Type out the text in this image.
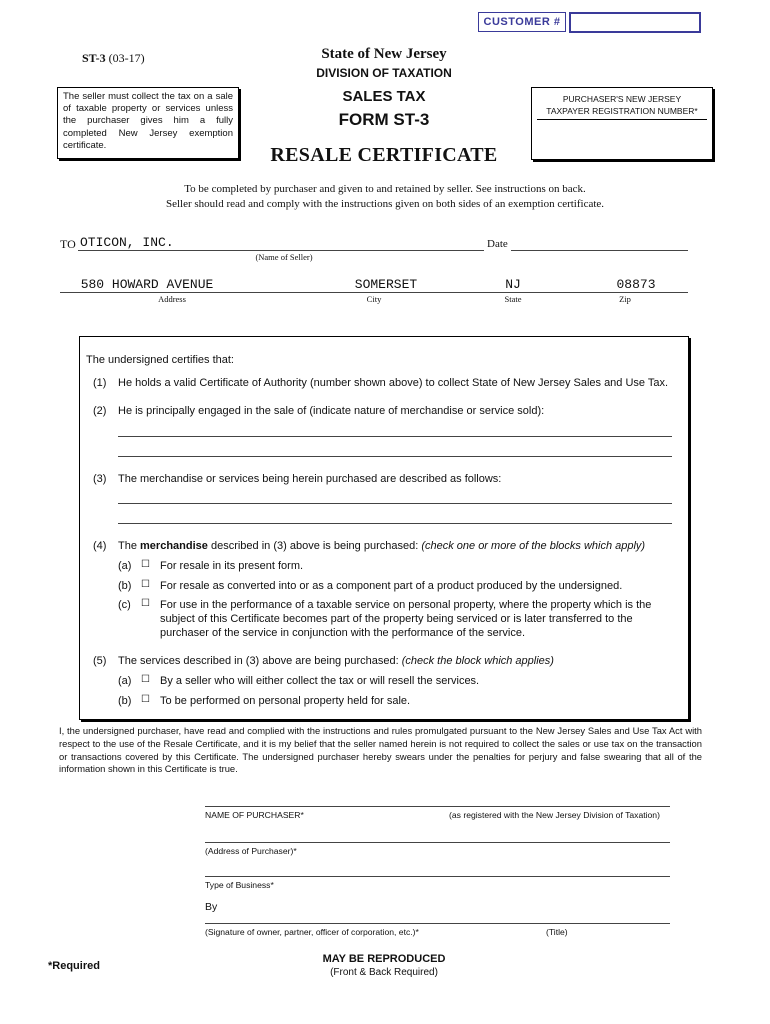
CUSTOMER #
ST-3 (03-17)	State of New Jersey
DIVISION OF TAXATION
SALES TAX
FORM ST-3
RESALE CERTIFICATE
The seller must collect the tax on a sale of taxable property or services unless the purchaser gives him a fully completed New Jersey exemption certificate.
PURCHASER'S NEW JERSEY
TAXPAYER REGISTRATION NUMBER*
To be completed by purchaser and given to and retained by seller. See instructions on back.
Seller should read and comply with the instructions given on both sides of an exemption certificate.
TO OTICON, INC.
(Name of Seller)
Date
580 HOWARD AVENUE	SOMERSET	NJ	08873
Address	City	State	Zip
The undersigned certifies that:
(1) He holds a valid Certificate of Authority (number shown above) to collect State of New Jersey Sales and Use Tax.
(2) He is principally engaged in the sale of (indicate nature of merchandise or service sold):
(3) The merchandise or services being herein purchased are described as follows:
(4) The merchandise described in (3) above is being purchased: (check one or more of the blocks which apply)
(a) ☐ For resale in its present form.
(b) ☐ For resale as converted into or as a component part of a product produced by the undersigned.
(c) ☐ For use in the performance of a taxable service on personal property, where the property which is the
subject of this Certificate becomes part of the property being serviced or is later transferred to the
purchaser of the service in conjunction with the performance of the service.
(5) The services described in (3) above are being purchased: (check the block which applies)
(a) ☐ By a seller who will either collect the tax or will resell the services.
(b) ☐ To be performed on personal property held for sale.
I, the undersigned purchaser, have read and complied with the instructions and rules promulgated pursuant to the New Jersey Sales and Use Tax Act with respect to the use of the Resale Certificate, and it is my belief that the seller named herein is not required to collect the sales or use tax on the transaction or transactions covered by this Certificate. The undersigned purchaser hereby swears under the penalties for perjury and false swearing that all of the information shown in this Certificate is true.
NAME OF PURCHASER*	(as registered with the New Jersey Division of Taxation)
(Address of Purchaser)*
Type of Business*
By
(Signature of owner, partner, officer of corporation, etc.)*	(Title)
*Required
MAY BE REPRODUCED
(Front & Back Required)
